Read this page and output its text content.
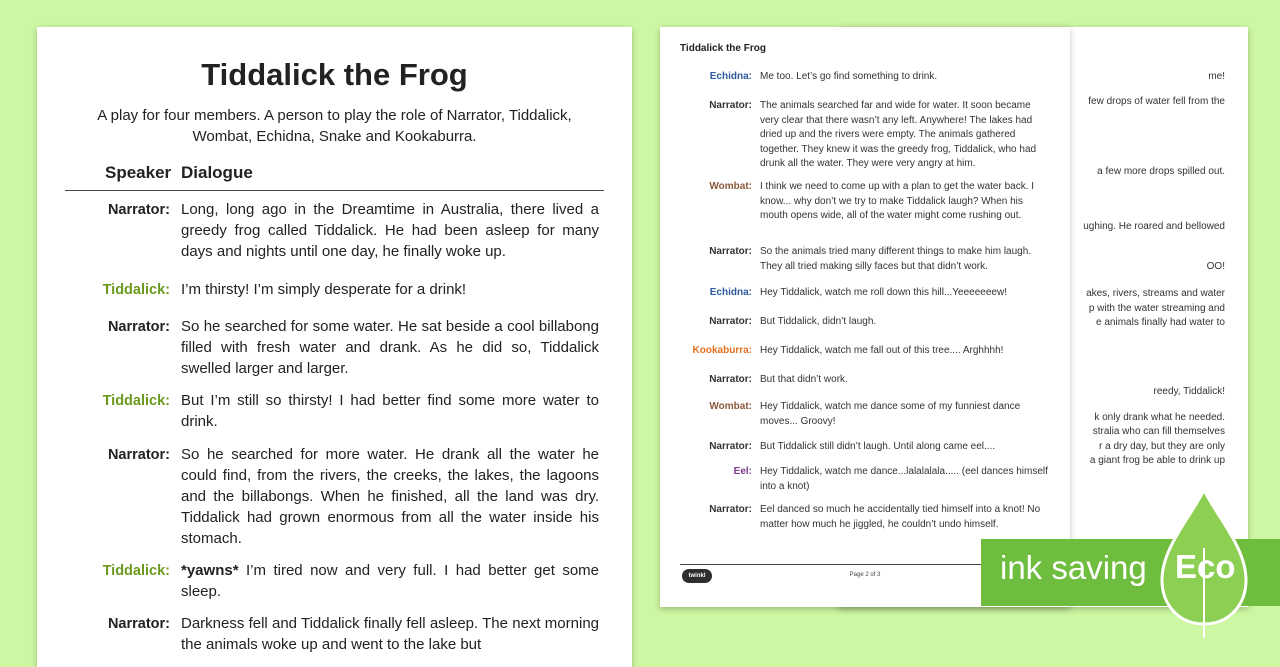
Tiddalick the Frog
A play for four members. A person to play the role of Narrator, Tiddalick, Wombat, Echidna, Snake and Kookaburra.
Speaker Dialogue
Narrator: Long, long ago in the Dreamtime in Australia, there lived a greedy frog called Tiddalick. He had been asleep for many days and nights until one day, he finally woke up.
Tiddalick: I’m thirsty! I’m simply desperate for a drink!
Narrator: So he searched for some water. He sat beside a cool billabong filled with fresh water and drank. As he did so, Tiddalick swelled larger and larger.
Tiddalick: But I’m still so thirsty! I had better find some more water to drink.
Narrator: So he searched for more water. He drank all the water he could find, from the rivers, the creeks, the lakes, the lagoons and the billabongs. When he finished, all the land was dry. Tiddalick had grown enormous from all the water inside his stomach.
Tiddalick: *yawns* I’m tired now and very full. I had better get some sleep.
Narrator: Darkness fell and Tiddalick finally fell asleep. The next morning the animals woke up and went to the lake but
me!
few drops of water fell from the
a few more drops spilled out.
ughing. He roared and bellowed
OO!
akes, rivers, streams and water
p with the water streaming and
e animals finally had water to
reedy, Tiddalick!
k only drank what he needed.
stralia who can fill themselves
r a dry day, but they are only
a giant frog be able to drink up
Tiddalick the Frog
Echidna: Me too. Let’s go find something to drink.
Narrator: The animals searched far and wide for water. It soon became very clear that there wasn’t any left. Anywhere! The lakes had dried up and the rivers were empty. The animals gathered together. They knew it was the greedy frog, Tiddalick, who had drunk all the water. They were very angry at him.
Wombat: I think we need to come up with a plan to get the water back. I know... why don’t we try to make Tiddalick laugh? When his mouth opens wide, all of the water might come rushing out.
Narrator: So the animals tried many different things to make him laugh. They all tried making silly faces but that didn’t work.
Echidna: Hey Tiddalick, watch me roll down this hill...Yeeeeeeew!
Narrator: But Tiddalick, didn’t laugh.
Kookaburra: Hey Tiddalick, watch me fall out of this tree.... Arghhhh!
Narrator: But that didn’t work.
Wombat: Hey Tiddalick, watch me dance some of my funniest dance moves... Groovy!
Narrator: But Tiddalick still didn’t laugh. Until along came eel....
Eel: Hey Tiddalick, watch me dance...lalalalala..... (eel dances himself into a knot)
Narrator: Eel danced so much he accidentally tied himself into a knot! No matter how much he jiggled, he couldn’t undo himself.
twinkl	Page 2 of 3	ink saving Eco
